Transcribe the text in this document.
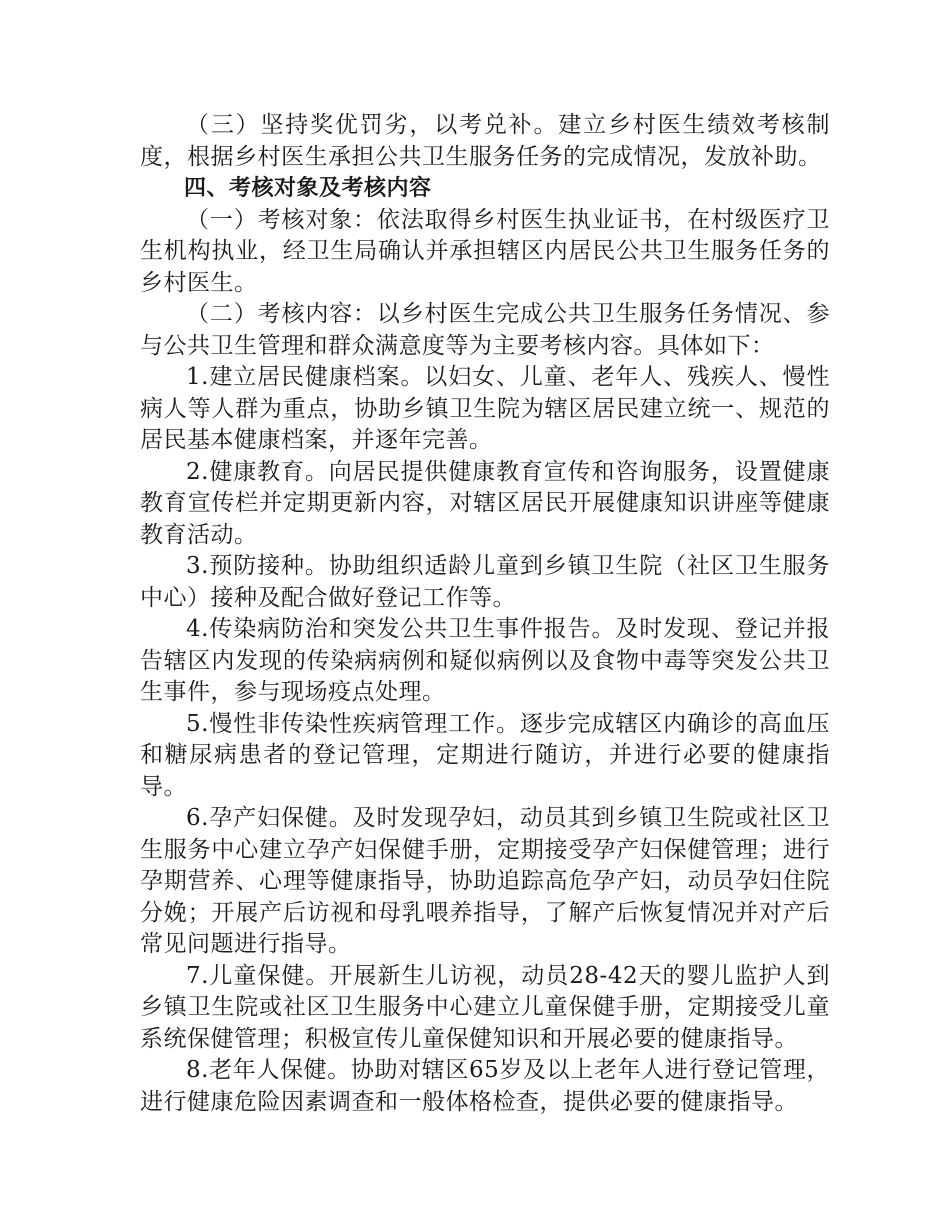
（三）坚持奖优罚劣，以考兑补。建立乡村医生绩效考核制度，根据乡村医生承担公共卫生服务任务的完成情况，发放补助。

四、考核对象及考核内容

（一）考核对象：依法取得乡村医生执业证书，在村级医疗卫生机构执业，经卫生局确认并承担辖区内居民公共卫生服务任务的乡村医生。

（二）考核内容：以乡村医生完成公共卫生服务任务情况、参与公共卫生管理和群众满意度等为主要考核内容。具体如下：

1.建立居民健康档案。以妇女、儿童、老年人、残疾人、慢性病人等人群为重点，协助乡镇卫生院为辖区居民建立统一、规范的居民基本健康档案，并逐年完善。

2.健康教育。向居民提供健康教育宣传和咨询服务，设置健康教育宣传栏并定期更新内容，对辖区居民开展健康知识讲座等健康教育活动。

3.预防接种。协助组织适龄儿童到乡镇卫生院（社区卫生服务中心）接种及配合做好登记工作等。

4.传染病防治和突发公共卫生事件报告。及时发现、登记并报告辖区内发现的传染病病例和疑似病例以及食物中毒等突发公共卫生事件，参与现场疫点处理。

5.慢性非传染性疾病管理工作。逐步完成辖区内确诊的高血压和糖尿病患者的登记管理，定期进行随访，并进行必要的健康指导。

6.孕产妇保健。及时发现孕妇，动员其到乡镇卫生院或社区卫生服务中心建立孕产妇保健手册，定期接受孕产妇保健管理；进行孕期营养、心理等健康指导，协助追踪高危孕产妇，动员孕妇住院分娩；开展产后访视和母乳喂养指导，了解产后恢复情况并对产后常见问题进行指导。

7.儿童保健。开展新生儿访视，动员28-42天的婴儿监护人到乡镇卫生院或社区卫生服务中心建立儿童保健手册，定期接受儿童系统保健管理；积极宣传儿童保健知识和开展必要的健康指导。

8.老年人保健。协助对辖区65岁及以上老年人进行登记管理，进行健康危险因素调查和一般体格检查，提供必要的健康指导。
